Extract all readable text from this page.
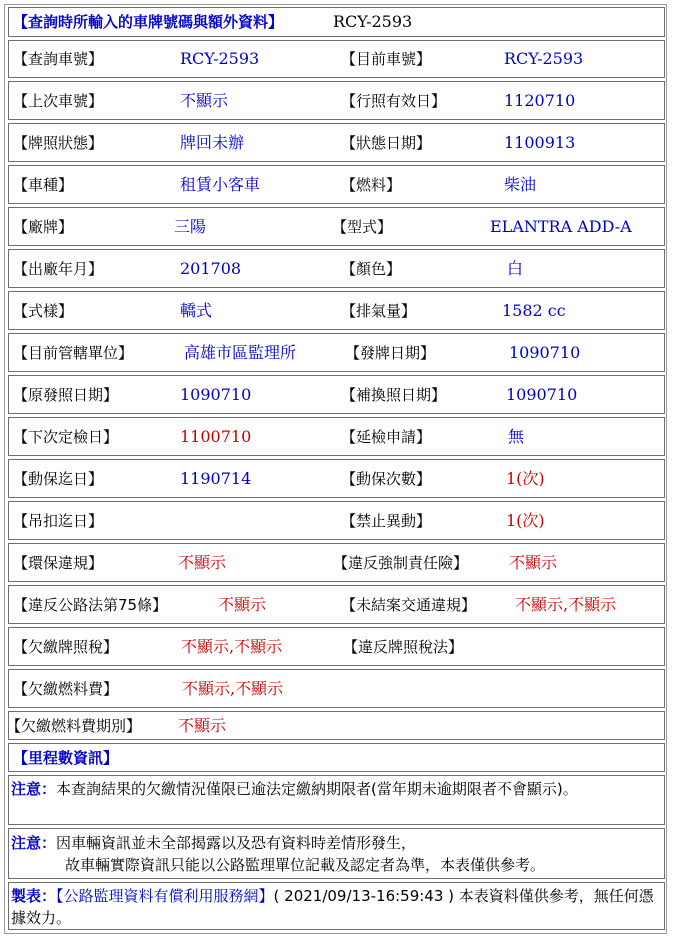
【查詢時所輸入的車牌號碼與額外資料】	RCY-2593
【查詢車號】	RCY-2593	【目前車號】	RCY-2593
【上次車號】	不顯示	【行照有效日】	1120710
【牌照狀態】	牌回未辦	【狀態日期】	1100913
【車種】	租賃小客車	【燃料】	柴油
【廠牌】	三陽	【型式】	ELANTRA ADD-A
【出廠年月】	201708	【顏色】	白
【式樣】	轎式	【排氣量】	1582 cc
【目前管轄單位】	高雄市區監理所	【發牌日期】	1090710
【原發照日期】	1090710	【補換照日期】	1090710
【下次定檢日】	1100710	【延檢申請】	無
【動保迄日】	1190714	【動保次數】	1(次)
【吊扣迄日】	【禁止異動】	1(次)
【環保違規】	不顯示	【違反強制責任險】	不顯示
【違反公路法第75條】	不顯示	【未結案交通違規】 不顯示,不顯示
【欠繳牌照稅】	不顯示,不顯示	【違反牌照稅法】
【欠繳燃料費】	不顯示,不顯示
【欠繳燃料費期別】 不顯示
【里程數資訊】
注意：本查詢結果的欠繳情況僅限已逾法定繳納期限者(當年期未逾期限者不會顯示)。
注意：因車輛資訊並未全部揭露以及恐有資料時差情形發生，
故車輛實際資訊只能以公路監理單位記載及認定者為準，本表僅供參考。
製表：【公路監理資料有償利用服務網】( 2021/09/13-16:59:43 ) 本表資料僅供參考，無任何憑據效力。
